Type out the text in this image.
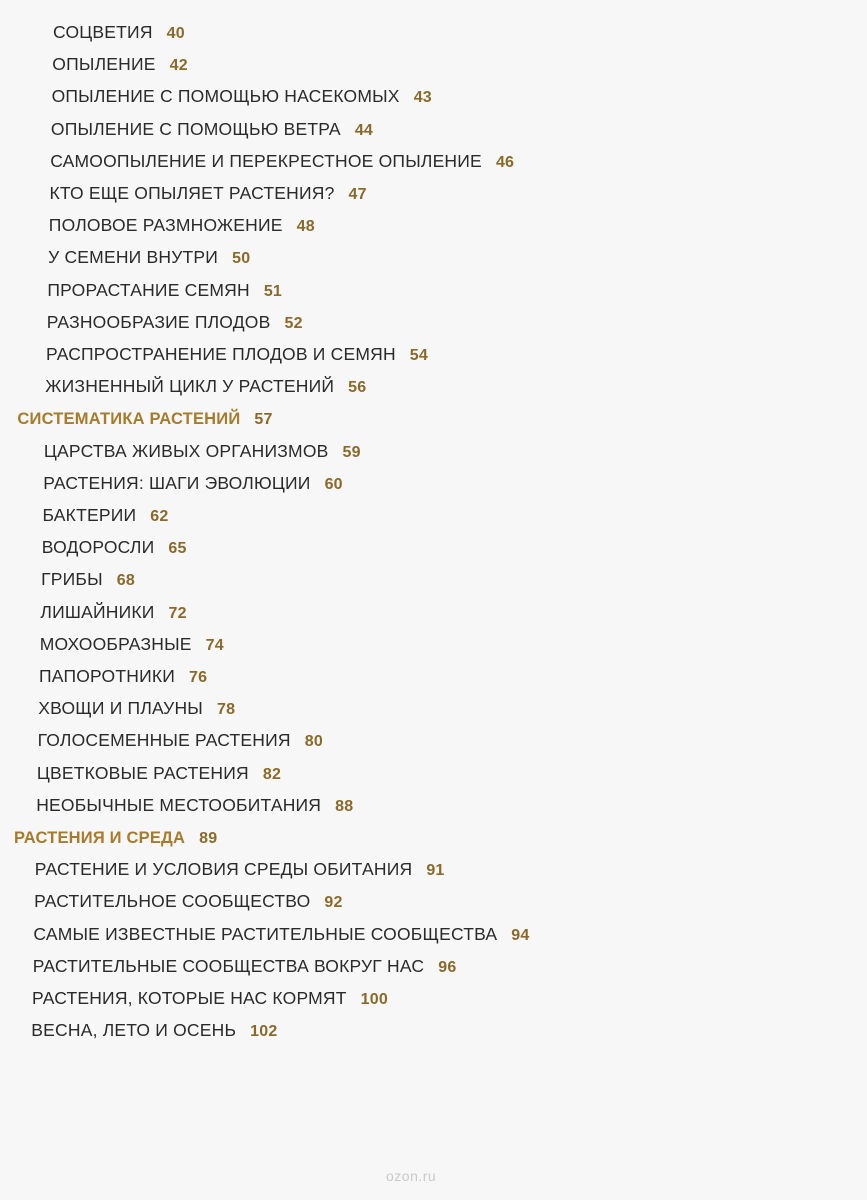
СОЦВЕТИЯ 40
ОПЫЛЕНИЕ 42
ОПЫЛЕНИЕ С ПОМОЩЬЮ НАСЕКОМЫХ 43
ОПЫЛЕНИЕ С ПОМОЩЬЮ ВЕТРА 44
САМООПЫЛЕНИЕ И ПЕРЕКРЕСТНОЕ ОПЫЛЕНИЕ 46
КТО ЕЩЕ ОПЫЛЯЕТ РАСТЕНИЯ? 47
ПОЛОВОЕ РАЗМНОЖЕНИЕ 48
У СЕМЕНИ ВНУТРИ 50
ПРОРАСТАНИЕ СЕМЯН 51
РАЗНООБРАЗИЕ ПЛОДОВ 52
РАСПРОСТРАНЕНИЕ ПЛОДОВ И СЕМЯН 54
ЖИЗНЕННЫЙ ЦИКЛ У РАСТЕНИЙ 56
СИСТЕМАТИКА РАСТЕНИЙ 57
ЦАРСТВА ЖИВЫХ ОРГАНИЗМОВ 59
РАСТЕНИЯ: ШАГИ ЭВОЛЮЦИИ 60
БАКТЕРИИ 62
ВОДОРОСЛИ 65
ГРИБЫ 68
ЛИШАЙНИКИ 72
МОХООБРАЗНЫЕ 74
ПАПОРОТНИКИ 76
ХВОЩИ И ПЛАУНЫ 78
ГОЛОСЕМЕННЫЕ РАСТЕНИЯ 80
ЦВЕТКОВЫЕ РАСТЕНИЯ 82
НЕОБЫЧНЫЕ МЕСТООБИТАНИЯ 88
РАСТЕНИЯ И СРЕДА 89
РАСТЕНИЕ И УСЛОВИЯ СРЕДЫ ОБИТАНИЯ 91
РАСТИТЕЛЬНОЕ СООБЩЕСТВО 92
САМЫЕ ИЗВЕСТНЫЕ РАСТИТЕЛЬНЫЕ СООБЩЕСТВА 94
РАСТИТЕЛЬНЫЕ СООБЩЕСТВА ВОКРУГ НАС 96
РАСТЕНИЯ, КОТОРЫЕ НАС КОРМЯТ 100
ВЕСНА, ЛЕТО И ОСЕНЬ 102
ozon.ru
